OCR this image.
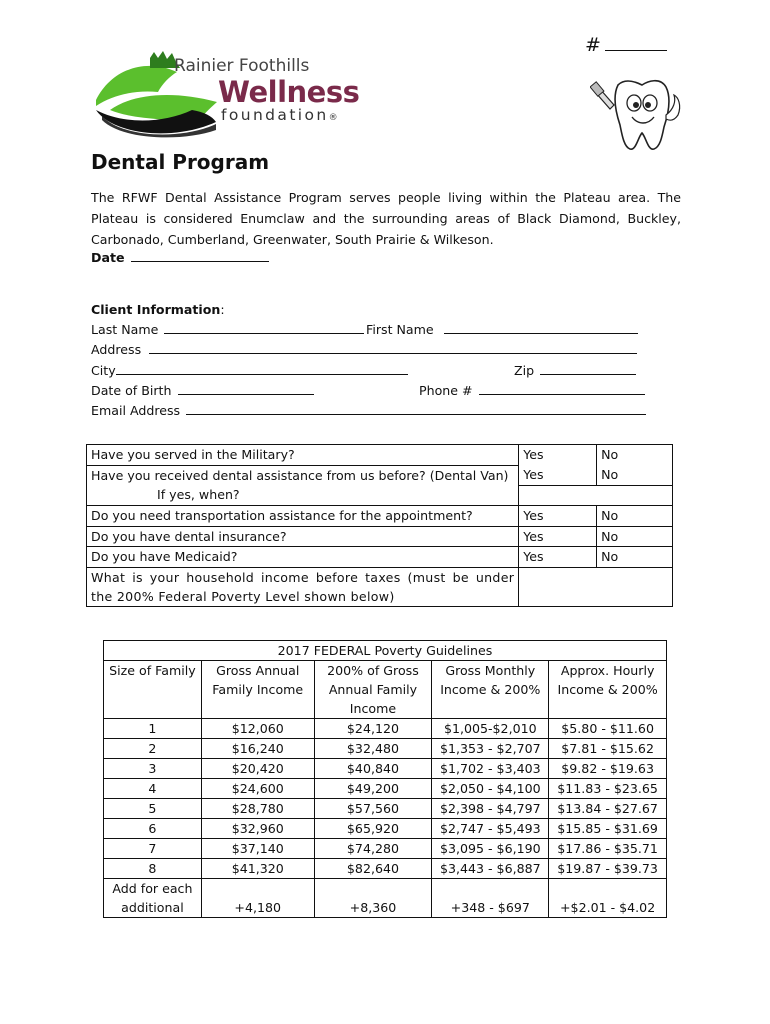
#
Rainier Foothills
Wellness
foundation®
Dental Program
The RFWF Dental Assistance Program serves people living within the Plateau area. The Plateau is considered Enumclaw and the surrounding areas of Black Diamond, Buckley, Carbonado, Cumberland, Greenwater, South Prairie & Wilkeson.
Date
Client Information:
Last Name	First Name
Address
City	Zip
Date of Birth	Phone #
Email Address
Have you served in the Military?	Yes	No
Have you received dental assistance from us before? (Dental Van)	Yes	No
If yes, when?		
Do you need transportation assistance for the appointment?	Yes	No
Do you have dental insurance?	Yes	No
Do you have Medicaid?	Yes	No
What is your household income before taxes (must be under the 200% Federal Poverty Level shown below)		
2017 FEDERAL Poverty Guidelines				
Size of Family	Gross Annual Family Income	200% of Gross Annual Family Income	Gross Monthly Income & 200%	Approx. Hourly Income & 200%
1	$12,060	$24,120	$1,005-$2,010	$5.80 - $11.60
2	$16,240	$32,480	$1,353 - $2,707	$7.81 - $15.62
3	$20,420	$40,840	$1,702 - $3,403	$9.82 - $19.63
4	$24,600	$49,200	$2,050 - $4,100	$11.83 - $23.65
5	$28,780	$57,560	$2,398 - $4,797	$13.84 - $27.67
6	$32,960	$65,920	$2,747 - $5,493	$15.85 - $31.69
7	$37,140	$74,280	$3,095 - $6,190	$17.86 - $35.71
8	$41,320	$82,640	$3,443 - $6,887	$19.87 - $39.73
Add for each additional	+4,180	+8,360	+348 - $697	+$2.01 - $4.02
